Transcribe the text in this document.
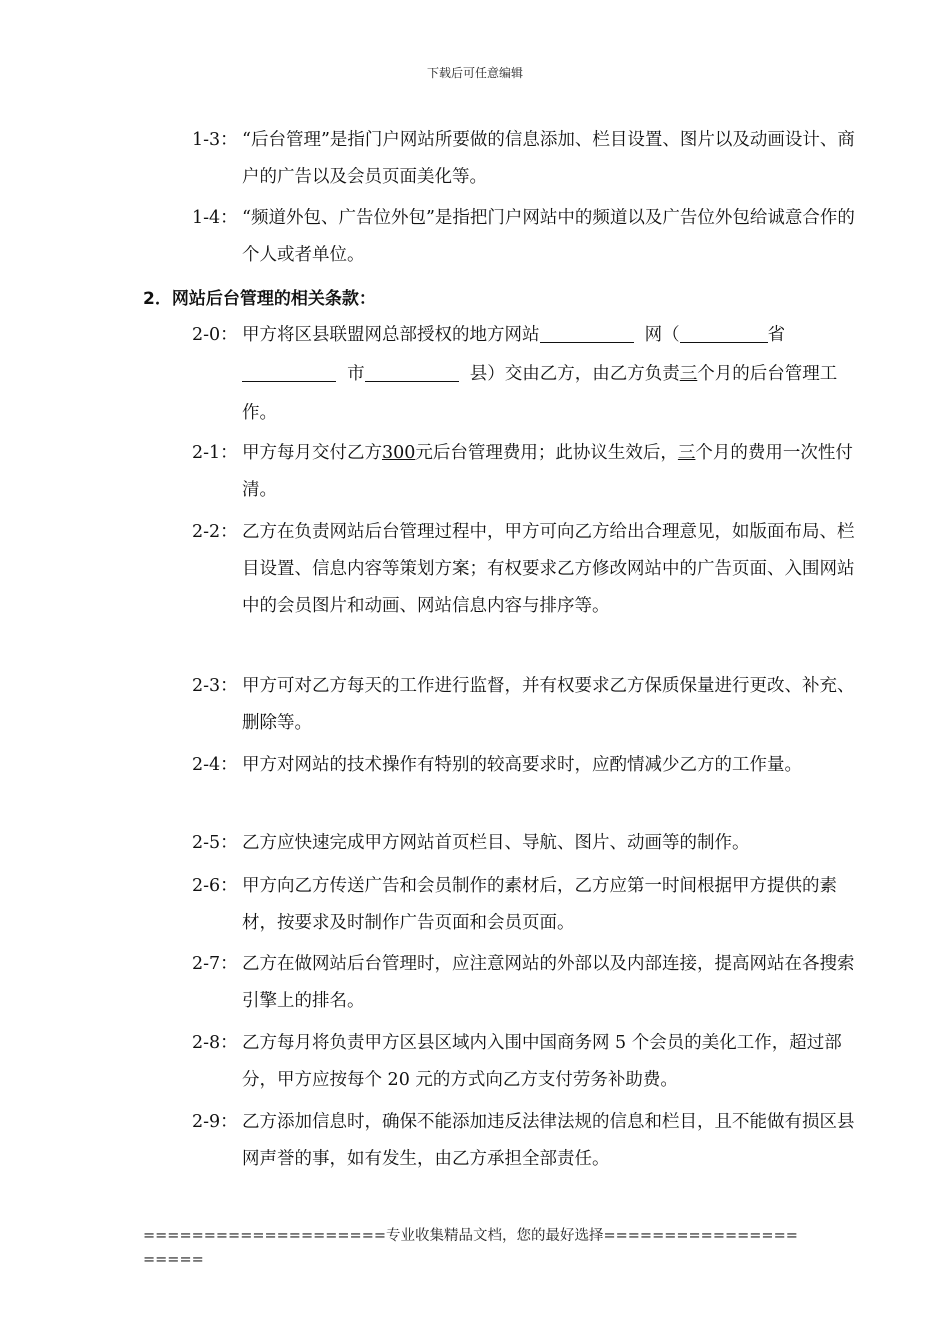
下载后可任意编辑
1-3： “后台管理”是指门户网站所要做的信息添加、栏目设置、图片以及动画设计、商户的广告以及会员页面美化等。
1-4： “频道外包、广告位外包”是指把门户网站中的频道以及广告位外包给诚意合作的个人或者单位。
2．网站后台管理的相关条款：
2-0： 甲方将区县联盟网总部授权的地方网站	网（	省  市	县）交由乙方，由乙方负责三个月的后台管理工作。
2-1： 甲方每月交付乙方300元后台管理费用；此协议生效后，三个月的费用一次性付清。
2-2： 乙方在负责网站后台管理过程中，甲方可向乙方给出合理意见，如版面布局、栏目设置、信息内容等策划方案；有权要求乙方修改网站中的广告页面、入围网站中的会员图片和动画、网站信息内容与排序等。
2-3： 甲方可对乙方每天的工作进行监督，并有权要求乙方保质保量进行更改、补充、删除等。
2-4： 甲方对网站的技术操作有特别的较高要求时，应酌情减少乙方的工作量。
2-5： 乙方应快速完成甲方网站首页栏目、导航、图片、动画等的制作。
2-6： 甲方向乙方传送广告和会员制作的素材后，乙方应第一时间根据甲方提供的素材，按要求及时制作广告页面和会员页面。
2-7： 乙方在做网站后台管理时，应注意网站的外部以及内部连接，提高网站在各搜索引擎上的排名。
2-8： 乙方每月将负责甲方区县区域内入围中国商务网 5 个会员的美化工作，超过部分，甲方应按每个 20 元的方式向乙方支付劳务补助费。
2-9： 乙方添加信息时，确保不能添加违反法律法规的信息和栏目，且不能做有损区县网声誉的事，如有发生，由乙方承担全部责任。
====================专业收集精品文档，您的最好选择=====================
